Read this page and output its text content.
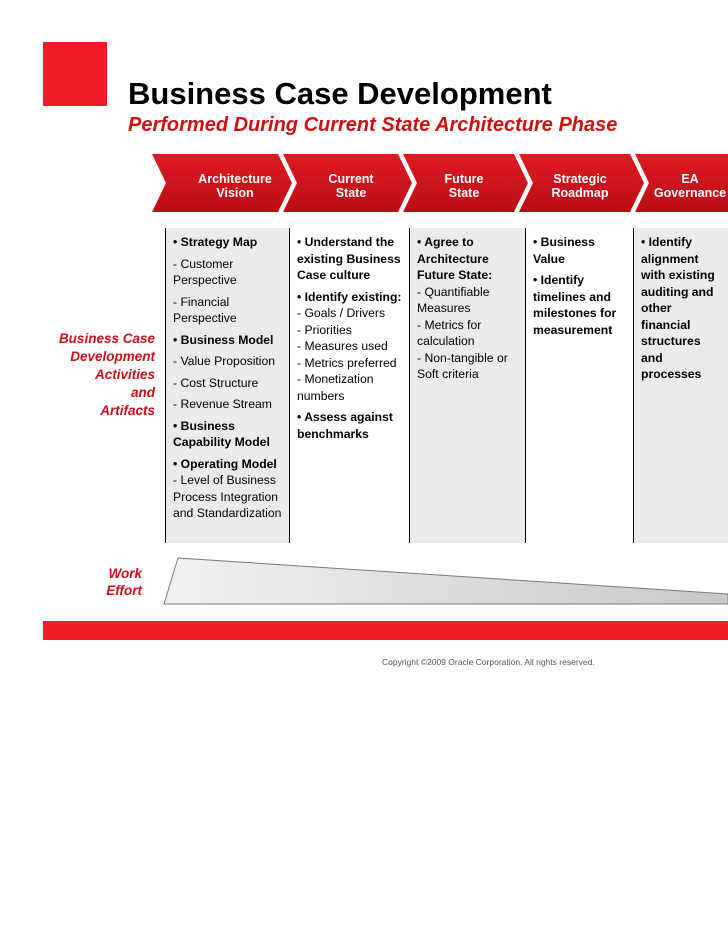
Business Case Development
Performed During Current State Architecture Phase
Architecture
Vision
Current
State
Future
State
Strategic
Roadmap
EA
Governance
Business Case
Development
Activities
and
Artifacts
• Strategy Map
- Customer Perspective
- Financial Perspective
• Business Model
- Value Proposition
- Cost Structure
- Revenue Stream
• Business Capability Model
• Operating Model
- Level of Business Process Integration and Standardization
• Understand the existing Business Case culture
• Identify existing:
- Goals / Drivers
- Priorities
- Measures used
- Metrics preferred
- Monetization numbers
• Assess against benchmarks
• Agree to Architecture Future State:
- Quantifiable Measures
- Metrics for calculation
- Non-tangible or Soft criteria
• Business Value
• Identify timelines and milestones for measurement
• Identify alignment with existing auditing and other financial structures and processes
Work
Effort
Copyright ©2009 Oracle Corporation. All rights reserved.
